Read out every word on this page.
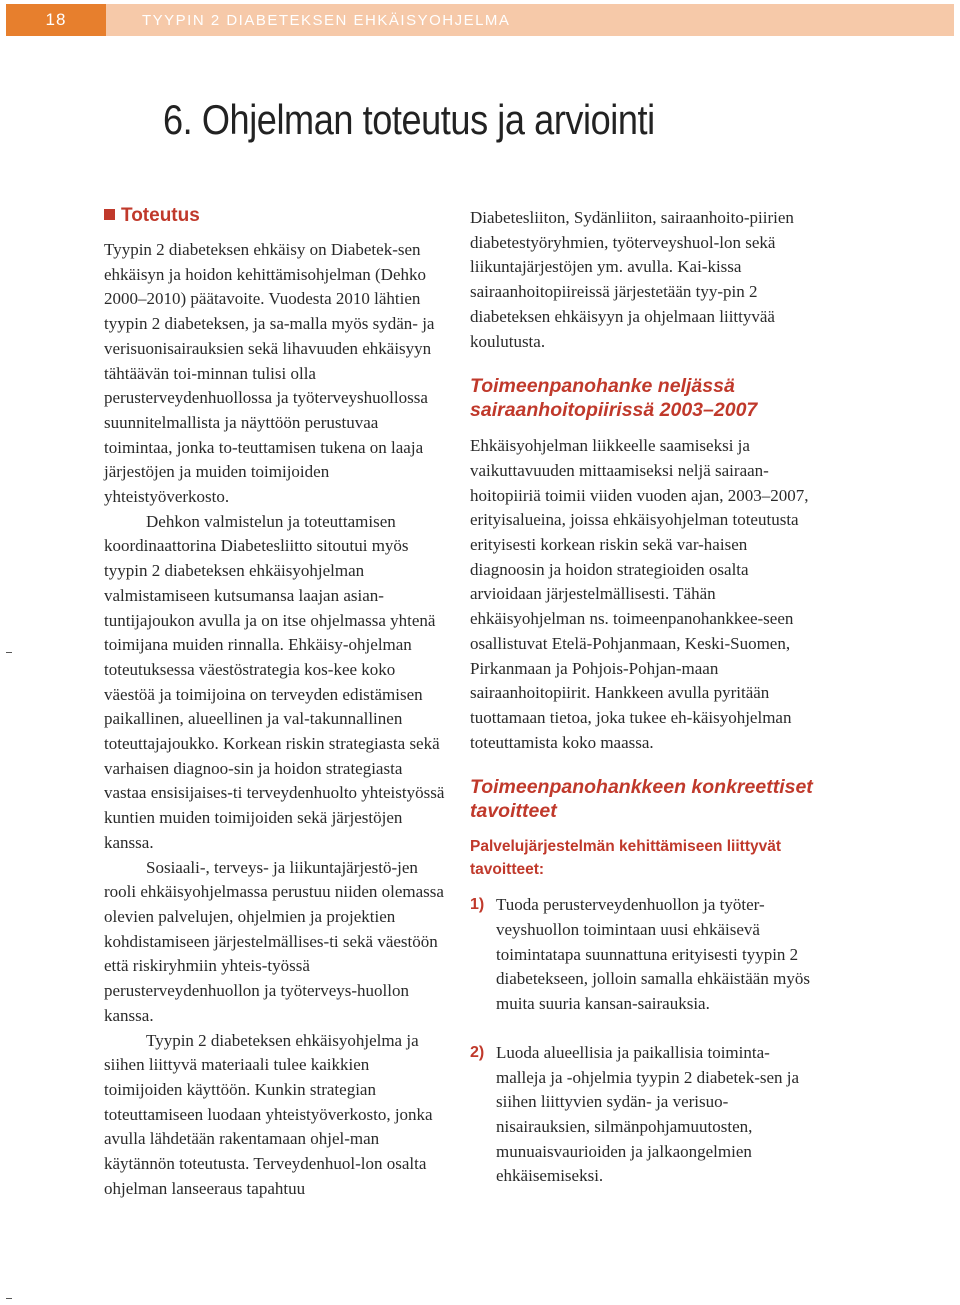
18	TYYPIN 2 DIABETEKSEN EHKÄISYOHJELMA
6. Ohjelman toteutus ja arviointi
Toteutus

Tyypin 2 diabeteksen ehkäisy on Diabetek-sen ehkäisyn ja hoidon kehittämisohjelman (Dehko 2000–2010) päätavoite. Vuodesta 2010 lähtien tyypin 2 diabeteksen, ja sa-malla myös sydän- ja verisuonisairauksien sekä lihavuuden ehkäisyyn tähtäävän toi-minnan tulisi olla perusterveydenhuollossa ja työterveyshuollossa suunnitelmallista ja näyttöön perustuvaa toimintaa, jonka to-teuttamisen tukena on laaja järjestöjen ja muiden toimijoiden yhteistyöverkosto.

Dehkon valmistelun ja toteuttamisen koordinaattorina Diabetesliitto sitoutui myös tyypin 2 diabeteksen ehkäisyohjelman valmistamiseen kutsumansa laajan asian-tuntijajoukon avulla ja on itse ohjelmassa yhtenä toimijana muiden rinnalla. Ehkäisy-ohjelman toteutuksessa väestöstrategia kos-kee koko väestöä ja toimijoina on terveyden edistämisen paikallinen, alueellinen ja val-takunnallinen toteuttajajoukko. Korkean riskin strategiasta sekä varhaisen diagnoo-sin ja hoidon strategiasta vastaa ensisijaises-ti terveydenhuolto yhteistyössä kuntien muiden toimijoiden sekä järjestöjen kanssa.

Sosiaali-, terveys- ja liikuntajärjestö-jen rooli ehkäisyohjelmassa perustuu niiden olemassa olevien palvelujen, ohjelmien ja projektien kohdistamiseen järjestelmällises-ti sekä väestöön että riskiryhmiin yhteis-työssä perusterveydenhuollon ja työterveys-huollon kanssa.

Tyypin 2 diabeteksen ehkäisyohjelma ja siihen liittyvä materiaali tulee kaikkien toimijoiden käyttöön. Kunkin strategian toteuttamiseen luodaan yhteistyöverkosto, jonka avulla lähdetään rakentamaan ohjel-man käytännön toteutusta. Terveydenhuol-lon osalta ohjelman lanseeraus tapahtuu

Diabetesliiton, Sydänliiton, sairaanhoito-piirien diabetestyöryhmien, työterveyshuol-lon sekä liikuntajärjestöjen ym. avulla. Kai-kissa sairaanhoitopiireissä järjestetään tyy-pin 2 diabeteksen ehkäisyyn ja ohjelmaan liittyvää koulutusta.

Toimeenpanohanke neljässä sairaanhoitopiirissä 2003–2007

Ehkäisyohjelman liikkeelle saamiseksi ja vaikuttavuuden mittaamiseksi neljä sairaan-hoitopiiriä toimii viiden vuoden ajan, 2003–2007, erityisalueina, joissa ehkäisyohjelman toteutusta erityisesti korkean riskin sekä var-haisen diagnoosin ja hoidon strategioiden osalta arvioidaan järjestelmällisesti. Tähän ehkäisyohjelman ns. toimeenpanohankkee-seen osallistuvat Etelä-Pohjanmaan, Keski-Suomen, Pirkanmaan ja Pohjois-Pohjan-maan sairaanhoitopiirit. Hankkeen avulla pyritään tuottamaan tietoa, joka tukee eh-käisyohjelman toteuttamista koko maassa.

Toimeenpanohankkeen konkreettiset tavoitteet
Palvelujärjestelmän kehittämiseen liittyvät tavoitteet:
1) Tuoda perusterveydenhuollon ja työter-veyshuollon toimintaan uusi ehkäisevä toimintatapa suunnattuna erityisesti tyypin 2 diabetekseen, jolloin samalla ehkäistään myös muita suuria kansan-sairauksia.
2) Luoda alueellisia ja paikallisia toiminta-malleja ja -ohjelmia tyypin 2 diabetek-sen ja siihen liittyvien sydän- ja verisuo-nisairauksien, silmänpohjamuutosten, munuaisvaurioiden ja jalkaongelmien ehkäisemiseksi.
